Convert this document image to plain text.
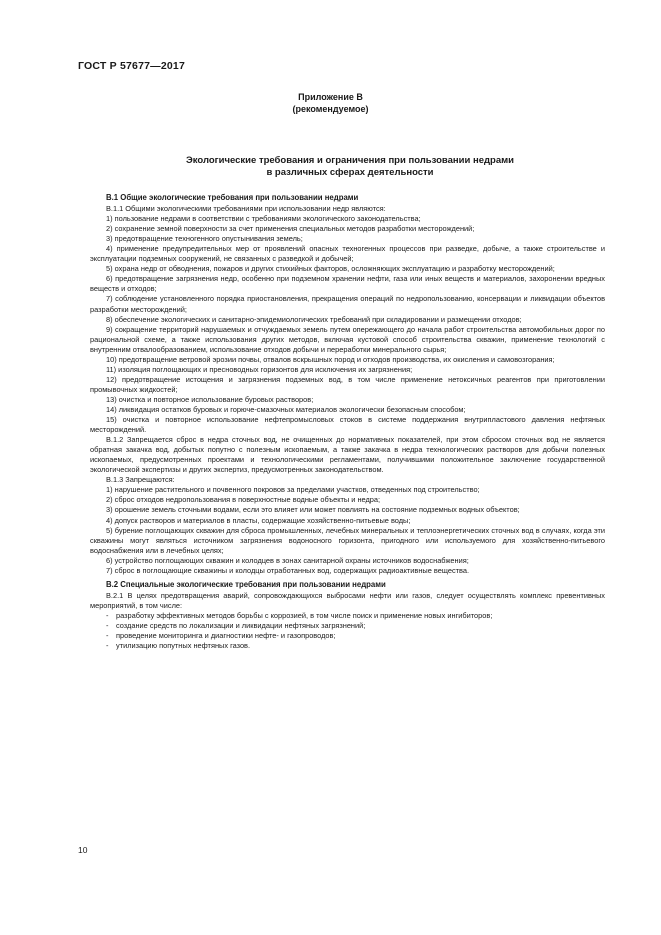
ГОСТ Р 57677—2017
Приложение В
(рекомендуемое)
Экологические требования и ограничения при пользовании недрами
в различных сферах деятельности

В.1 Общие экологические требования при пользовании недрами

В.1.1 Общими экологическими требованиями при использовании недр являются:

1) пользование недрами в соответствии с требованиями экологического законодательства;

2) сохранение земной поверхности за счет применения специальных методов разработки месторождений;

3) предотвращение техногенного опустынивания земель;

4) применение предупредительных мер от проявлений опасных техногенных процессов при разведке, добыче, а также строительстве и эксплуатации подземных сооружений, не связанных с разведкой и добычей;

5) охрана недр от обводнения, пожаров и других стихийных факторов, осложняющих эксплуатацию и разработку месторождений;

6) предотвращение загрязнения недр, особенно при подземном хранении нефти, газа или иных веществ и материалов, захоронении вредных веществ и отходов;

7) соблюдение установленного порядка приостановления, прекращения операций по недропользованию, консервации и ликвидации объектов разработки месторождений;

8) обеспечение экологических и санитарно-эпидемиологических требований при складировании и размещении отходов;

9) сокращение территорий нарушаемых и отчуждаемых земель путем опережающего до начала работ строительства автомобильных дорог по рациональной схеме, а также использования других методов, включая кустовой способ строительства скважин, применение технологий с внутренним отвалообразованием, использование отходов добычи и переработки минерального сырья;

10) предотвращение ветровой эрозии почвы, отвалов вскрышных пород и отходов производства, их окисления и самовозгорания;

11) изоляция поглощающих и пресноводных горизонтов для исключения их загрязнения;

12) предотвращение истощения и загрязнения подземных вод, в том числе применение нетоксичных реагентов при приготовлении промывочных жидкостей;

13) очистка и повторное использование буровых растворов;

14) ликвидация остатков буровых и горюче-смазочных материалов экологически безопасным способом;

15) очистка и повторное использование нефтепромысловых стоков в системе поддержания внутрипластового давления нефтяных месторождений.

В.1.2 Запрещается сброс в недра сточных вод, не очищенных до нормативных показателей, при этом сбросом сточных вод не является обратная закачка вод, добытых попутно с полезным ископаемым, а также закачка в недра технологических растворов для добычи полезных ископаемых, предусмотренных проектами и технологическими регламентами, получившими положительное заключение государственной экологической экспертизы и других экспертиз, предусмотренных законодательством.

В.1.3 Запрещаются:

1) нарушение растительного и почвенного покровов за пределами участков, отведенных под строительство;

2) сброс отходов недропользования в поверхностные водные объекты и недра;

3) орошение земель сточными водами, если это влияет или может повлиять на состояние подземных водных объектов;

4) допуск растворов и материалов в пласты, содержащие хозяйственно-питьевые воды;

5) бурение поглощающих скважин для сброса промышленных, лечебных минеральных и теплоэнергетических сточных вод в случаях, когда эти скважины могут являться источником загрязнения водоносного горизонта, пригодного или используемого для хозяйственно-питьевого водоснабжения или в лечебных целях;

6) устройство поглощающих скважин и колодцев в зонах санитарной охраны источников водоснабжения;

7) сброс в поглощающие скважины и колодцы отработанных вод, содержащих радиоактивные вещества.

В.2 Специальные экологические требования при пользовании недрами

В.2.1 В целях предотвращения аварий, сопровождающихся выбросами нефти или газов, следует осуществлять комплекс превентивных мероприятий, в том числе:

- разработку эффективных методов борьбы с коррозией, в том числе поиск и применение новых ингибиторов;

- создание средств по локализации и ликвидации нефтяных загрязнений;

- проведение мониторинга и диагностики нефте- и газопроводов;

- утилизацию попутных нефтяных газов.

10
